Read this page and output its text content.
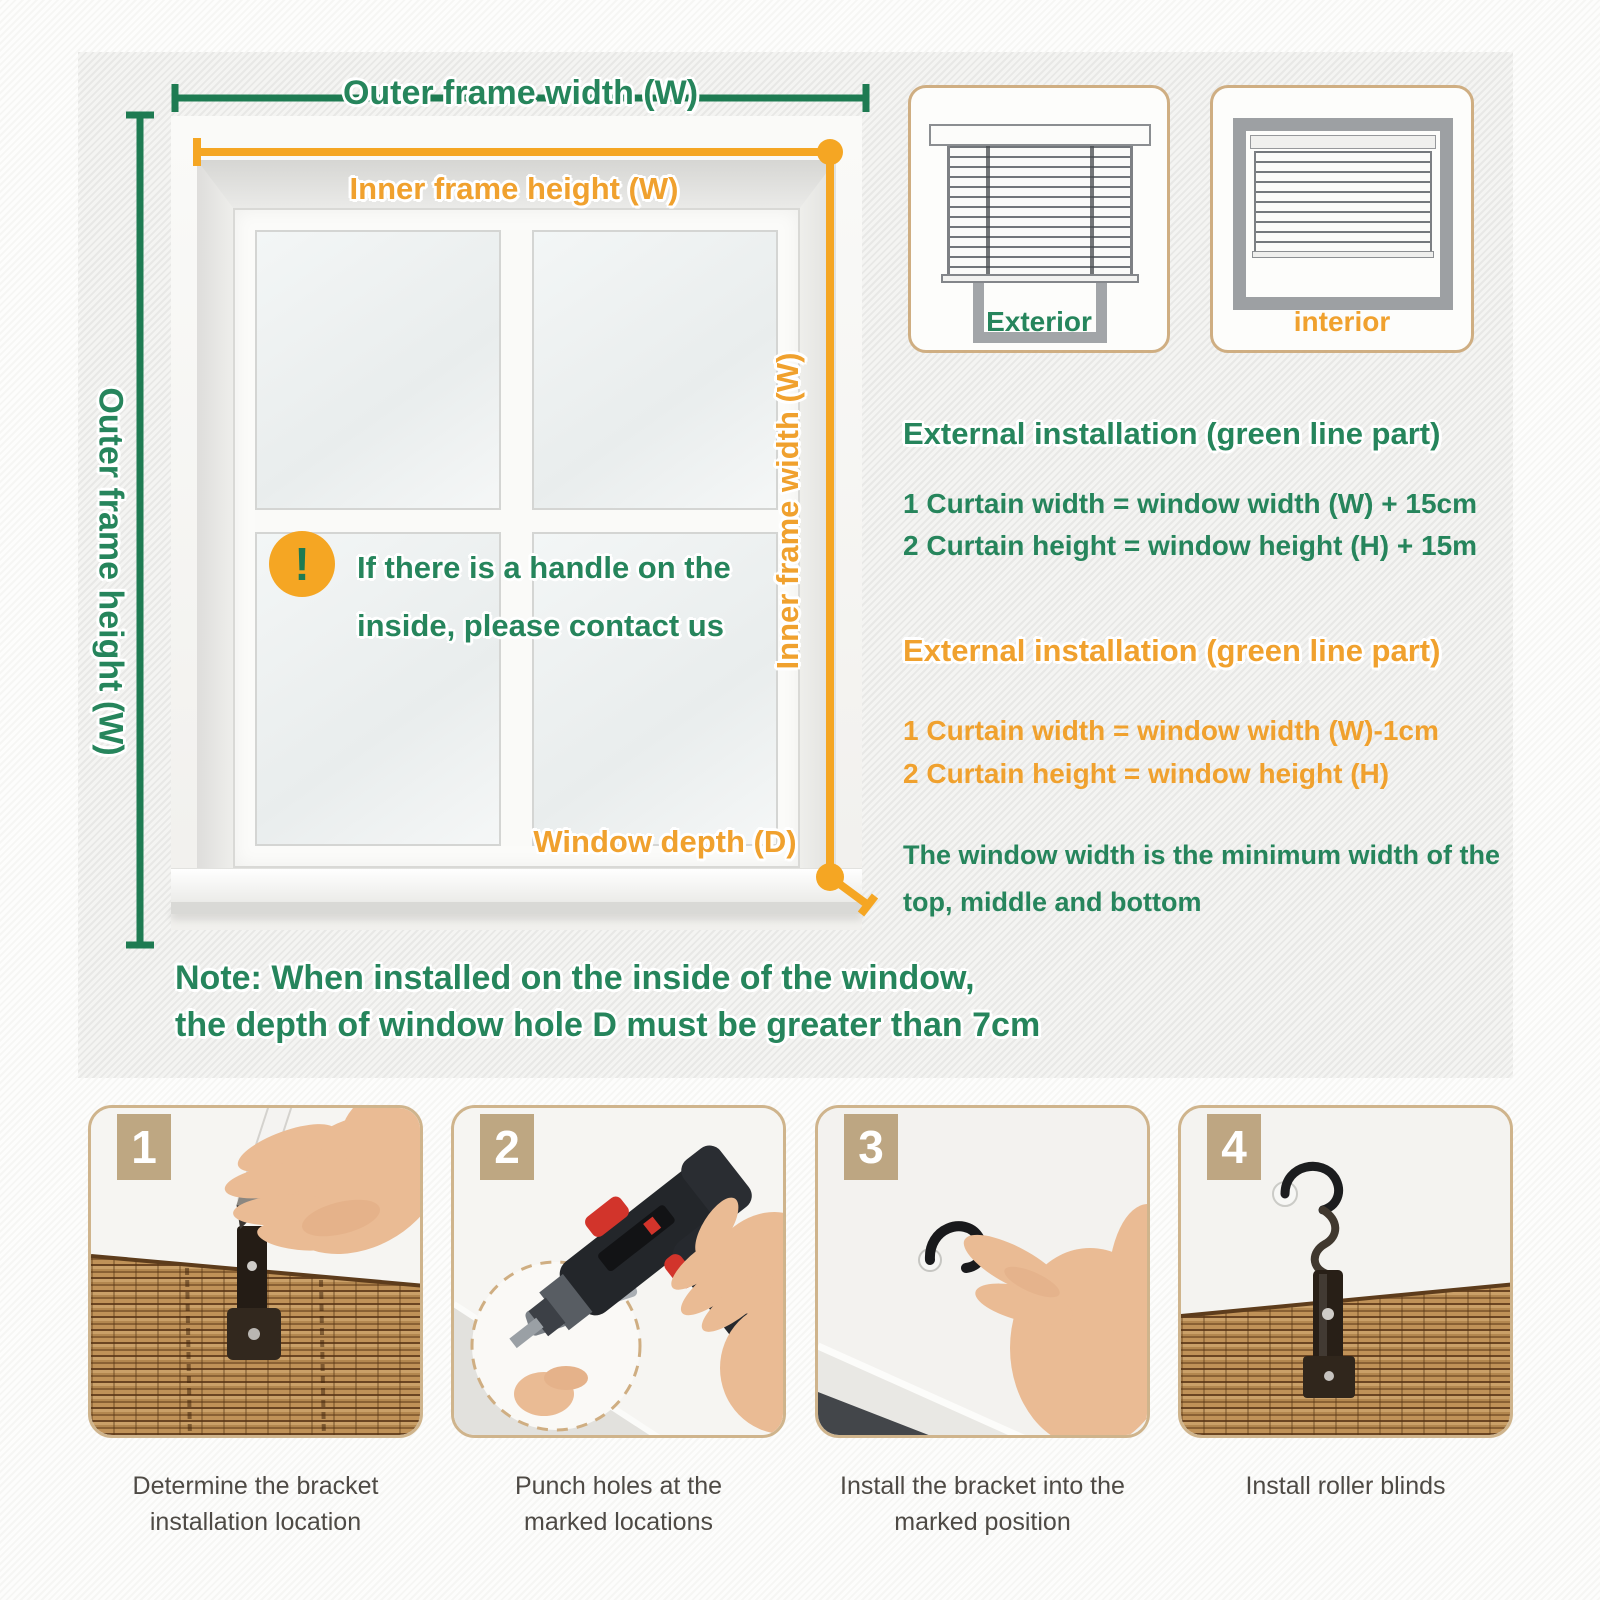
Outer frame width (W)
Outer frame height (W)
Inner frame height (W)
Inner frame width (W)
Window depth (D)
! If there is a handle on the
inside, please contact us
Exterior	interior
External installation (green line part)
1 Curtain width = window width (W) + 15cm
2 Curtain height = window height (H) + 15m
External installation (green line part)
1 Curtain width = window width (W)-1cm
2 Curtain height = window height (H)
The window width is the minimum width of the
top, middle and bottom
Note: When installed on the inside of the window,
the depth of window hole D must be greater than 7cm
1	2	3	4
Determine the bracket installation location
Punch holes at the marked locations
Install the bracket into the marked position
Install roller blinds
